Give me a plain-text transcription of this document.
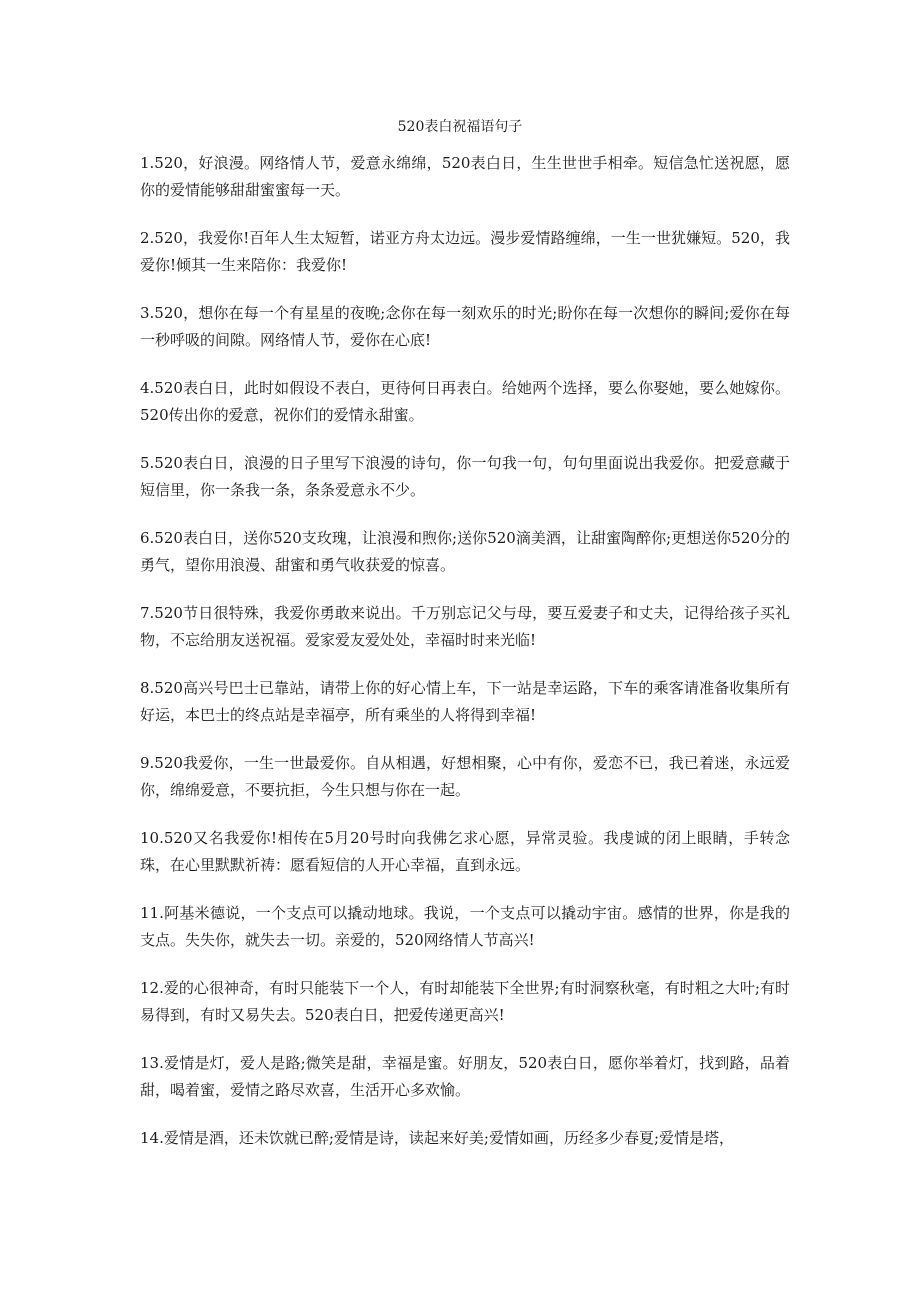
520表白祝福语句子

1.520，好浪漫。网络情人节，爱意永绵绵，520表白日，生生世世手相牵。短信急忙送祝愿，愿你的爱情能够甜甜蜜蜜每一天。

2.520，我爱你!百年人生太短暂，诺亚方舟太边远。漫步爱情路缠绵，一生一世犹嫌短。520，我爱你!倾其一生来陪你：我爱你!

3.520，想你在每一个有星星的夜晚;念你在每一刻欢乐的时光;盼你在每一次想你的瞬间;爱你在每一秒呼吸的间隙。网络情人节，爱你在心底!

4.520表白日，此时如假设不表白，更待何日再表白。给她两个选择，要么你娶她，要么她嫁你。520传出你的爱意，祝你们的爱情永甜蜜。

5.520表白日，浪漫的日子里写下浪漫的诗句，你一句我一句，句句里面说出我爱你。把爱意藏于短信里，你一条我一条，条条爱意永不少。

6.520表白日，送你520支玫瑰，让浪漫和煦你;送你520滴美酒，让甜蜜陶醉你;更想送你520分的勇气，望你用浪漫、甜蜜和勇气收获爱的惊喜。

7.520节日很特殊，我爱你勇敢来说出。千万别忘记父与母，要互爱妻子和丈夫，记得给孩子买礼物，不忘给朋友送祝福。爱家爱友爱处处，幸福时时来光临!

8.520高兴号巴士已靠站，请带上你的好心情上车，下一站是幸运路，下车的乘客请准备收集所有好运，本巴士的终点站是幸福亭，所有乘坐的人将得到幸福!

9.520我爱你，一生一世最爱你。自从相遇，好想相聚，心中有你，爱恋不已，我已着迷，永远爱你，绵绵爱意，不要抗拒，今生只想与你在一起。

10.520又名我爱你!相传在5月20号时向我佛乞求心愿，异常灵验。我虔诚的闭上眼睛，手转念珠，在心里默默祈祷：愿看短信的人开心幸福，直到永远。

11.阿基米德说，一个支点可以撬动地球。我说，一个支点可以撬动宇宙。感情的世界，你是我的支点。失失你，就失去一切。亲爱的，520网络情人节高兴!

12.爱的心很神奇，有时只能装下一个人，有时却能装下全世界;有时洞察秋毫，有时粗之大叶;有时易得到，有时又易失去。520表白日，把爱传递更高兴!

13.爱情是灯，爱人是路;微笑是甜，幸福是蜜。好朋友，520表白日，愿你举着灯，找到路，品着甜，喝着蜜，爱情之路尽欢喜，生活开心多欢愉。

14.爱情是酒，还未饮就已醉;爱情是诗，读起来好美;爱情如画，历经多少春夏;爱情是塔，
